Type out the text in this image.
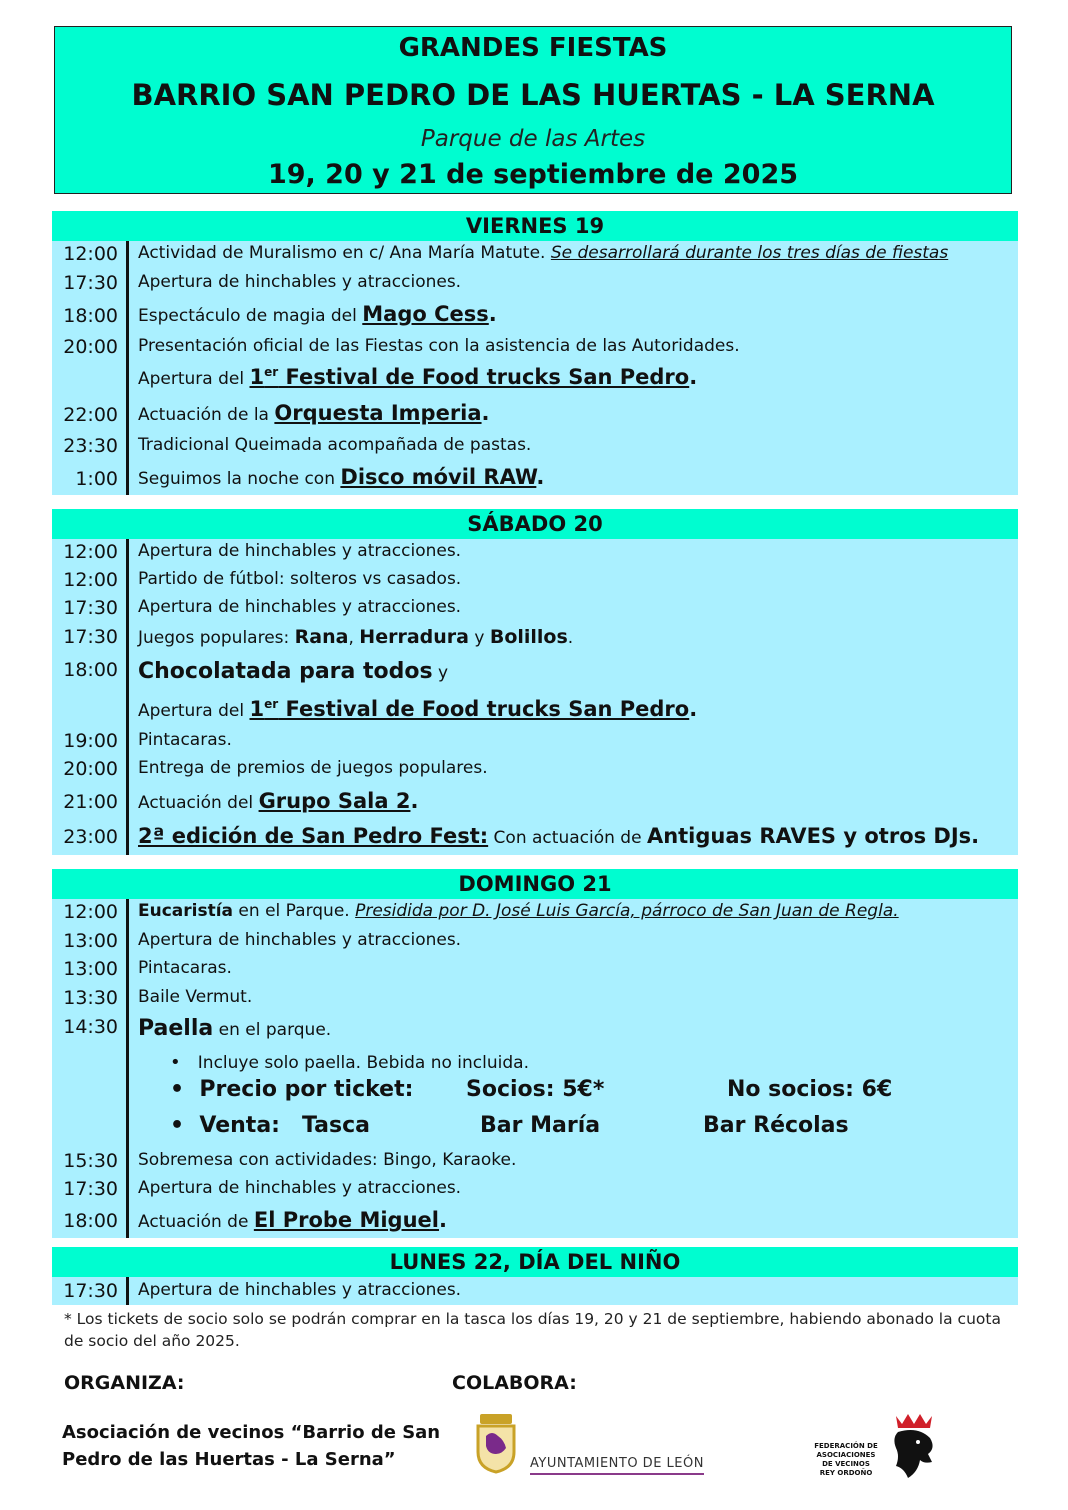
GRANDES FIESTAS
BARRIO SAN PEDRO DE LAS HUERTAS - LA SERNA
Parque de las Artes
19, 20 y 21 de septiembre de 2025
VIERNES 19
12:00 Actividad de Muralismo en c/ Ana María Matute. Se desarrollará durante los tres días de fiestas
17:30 Apertura de hinchables y atracciones.
18:00 Espectáculo de magia del Mago Cess.
20:00 Presentación oficial de las Fiestas con la asistencia de las Autoridades.
Apertura del 1er Festival de Food trucks San Pedro.
22:00 Actuación de la Orquesta Imperia.
23:30 Tradicional Queimada acompañada de pastas.
1:00 Seguimos la noche con Disco móvil RAW.
SÁBADO 20
12:00 Apertura de hinchables y atracciones.
12:00 Partido de fútbol: solteros vs casados.
17:30 Apertura de hinchables y atracciones.
17:30 Juegos populares: Rana, Herradura y Bolillos.
18:00 Chocolatada para todos y
Apertura del 1er Festival de Food trucks San Pedro.
19:00 Pintacaras.
20:00 Entrega de premios de juegos populares.
21:00 Actuación del Grupo Sala 2.
23:00 2ª edición de San Pedro Fest: Con actuación de Antiguas RAVES y otros DJs.
DOMINGO 21
12:00 Eucaristía en el Parque. Presidida por D. José Luis García, párroco de San Juan de Regla.
13:00 Apertura de hinchables y atracciones.
13:00 Pintacaras.
13:30 Baile Vermut.
14:30 Paella en el parque.
•   Incluye solo paella. Bebida no incluida.
•  Precio por ticket: Socios: 5€*	No socios: 6€
•  Venta: Tasca	Bar María	Bar Récolas
15:30 Sobremesa con actividades: Bingo, Karaoke.
17:30 Apertura de hinchables y atracciones.
18:00 Actuación de El Probe Miguel.
LUNES 22, DÍA DEL NIÑO
17:30 Apertura de hinchables y atracciones.
* Los tickets de socio solo se podrán comprar en la tasca los días 19, 20 y 21 de septiembre, habiendo abonado la cuota de socio del año 2025.
ORGANIZA:	COLABORA:
Asociación de vecinos “Barrio de San
Pedro de las Huertas - La Serna”	AYUNTAMIENTO DE LEÓN
FEDERACIÓN DE
ASOCIACIONES
DE VECINOS
REY ORDOÑO
